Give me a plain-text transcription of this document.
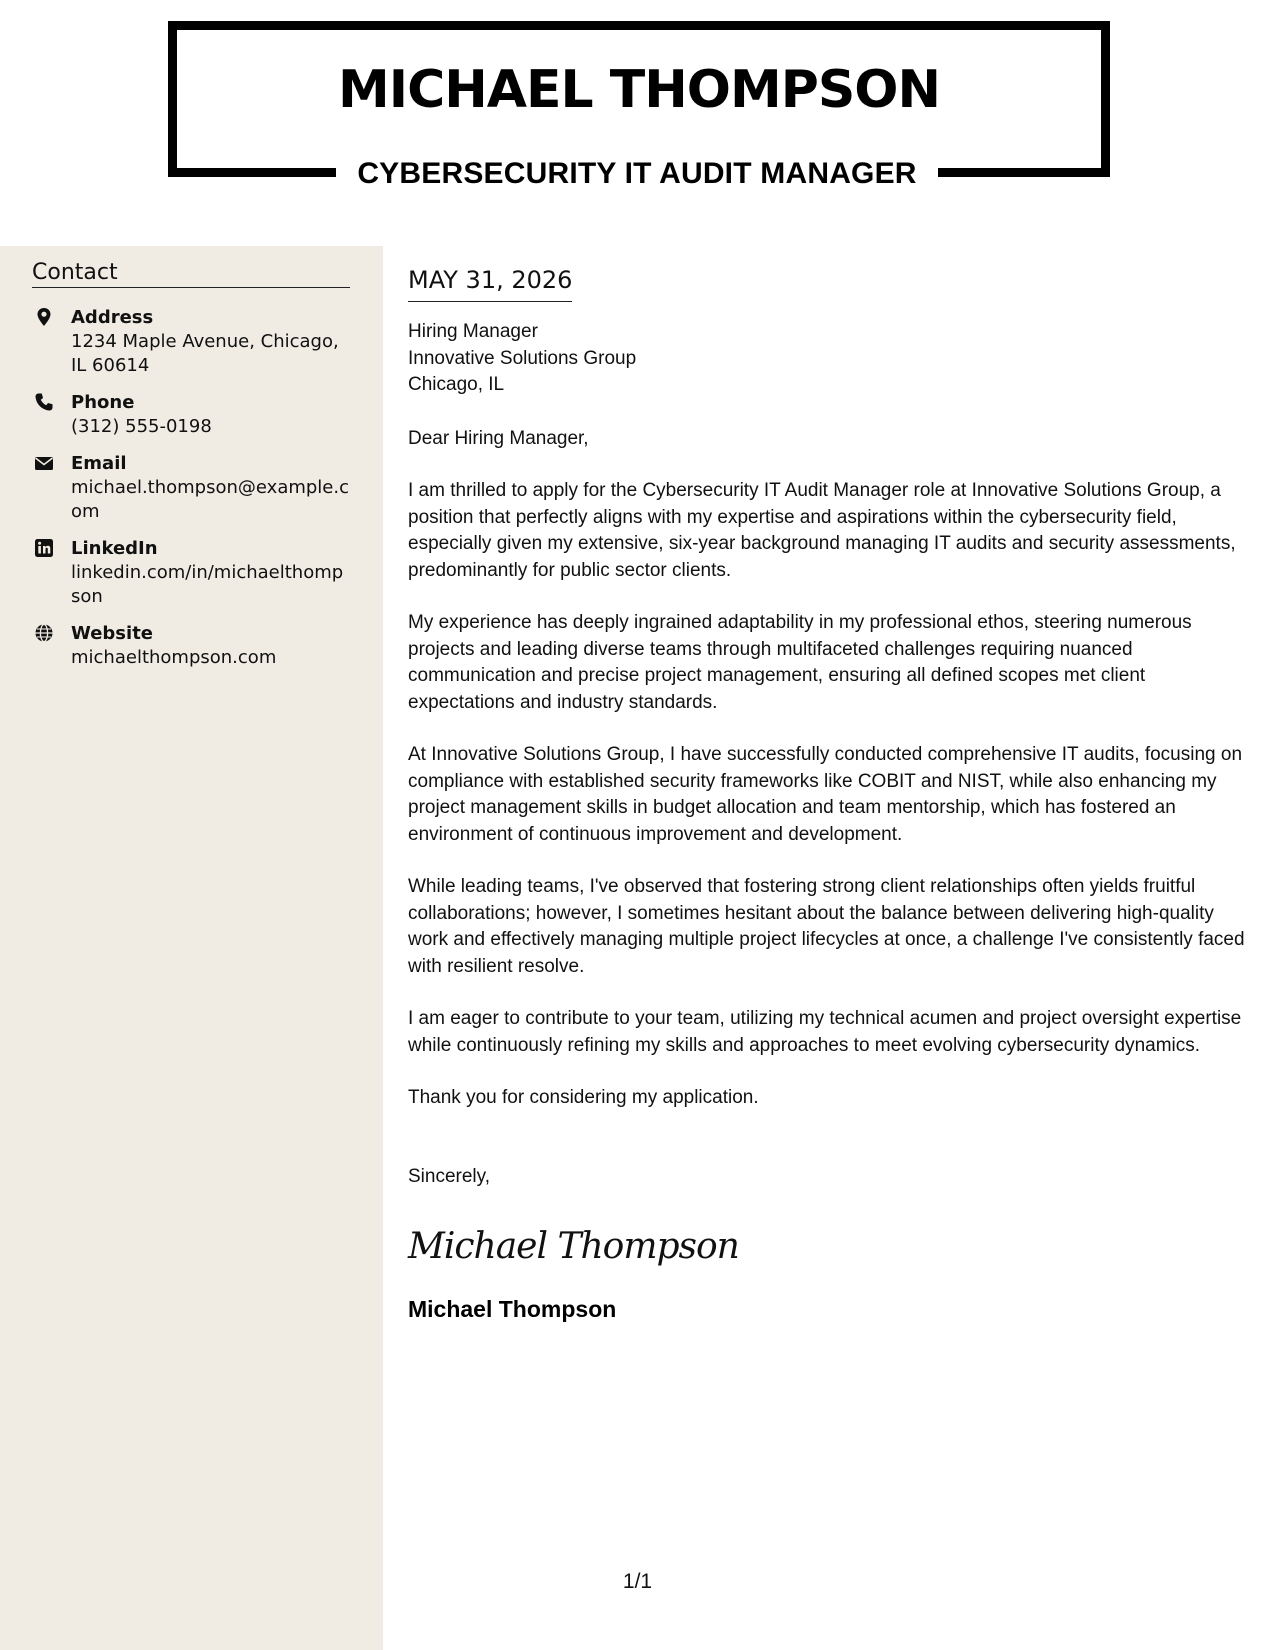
MICHAEL THOMPSON
CYBERSECURITY IT AUDIT MANAGER
Contact
Address
1234 Maple Avenue, Chicago, IL 60614
Phone
(312) 555-0198
Email
michael.thompson@example.com
LinkedIn
linkedin.com/in/michaelthompson
Website
michaelthompson.com
MAY 31, 2026
Hiring Manager
Innovative Solutions Group
Chicago, IL
Dear Hiring Manager,
I am thrilled to apply for the Cybersecurity IT Audit Manager role at Innovative Solutions Group, a position that perfectly aligns with my expertise and aspirations within the cybersecurity field, especially given my extensive, six-year background managing IT audits and security assessments, predominantly for public sector clients.
My experience has deeply ingrained adaptability in my professional ethos, steering numerous projects and leading diverse teams through multifaceted challenges requiring nuanced communication and precise project management, ensuring all defined scopes met client expectations and industry standards.
At Innovative Solutions Group, I have successfully conducted comprehensive IT audits, focusing on compliance with established security frameworks like COBIT and NIST, while also enhancing my project management skills in budget allocation and team mentorship, which has fostered an environment of continuous improvement and development.
While leading teams, I've observed that fostering strong client relationships often yields fruitful collaborations; however, I sometimes hesitant about the balance between delivering high-quality work and effectively managing multiple project lifecycles at once, a challenge I've consistently faced with resilient resolve.
I am eager to contribute to your team, utilizing my technical acumen and project oversight expertise while continuously refining my skills and approaches to meet evolving cybersecurity dynamics.
Thank you for considering my application.
Sincerely,
Michael Thompson
Michael Thompson
1/1
